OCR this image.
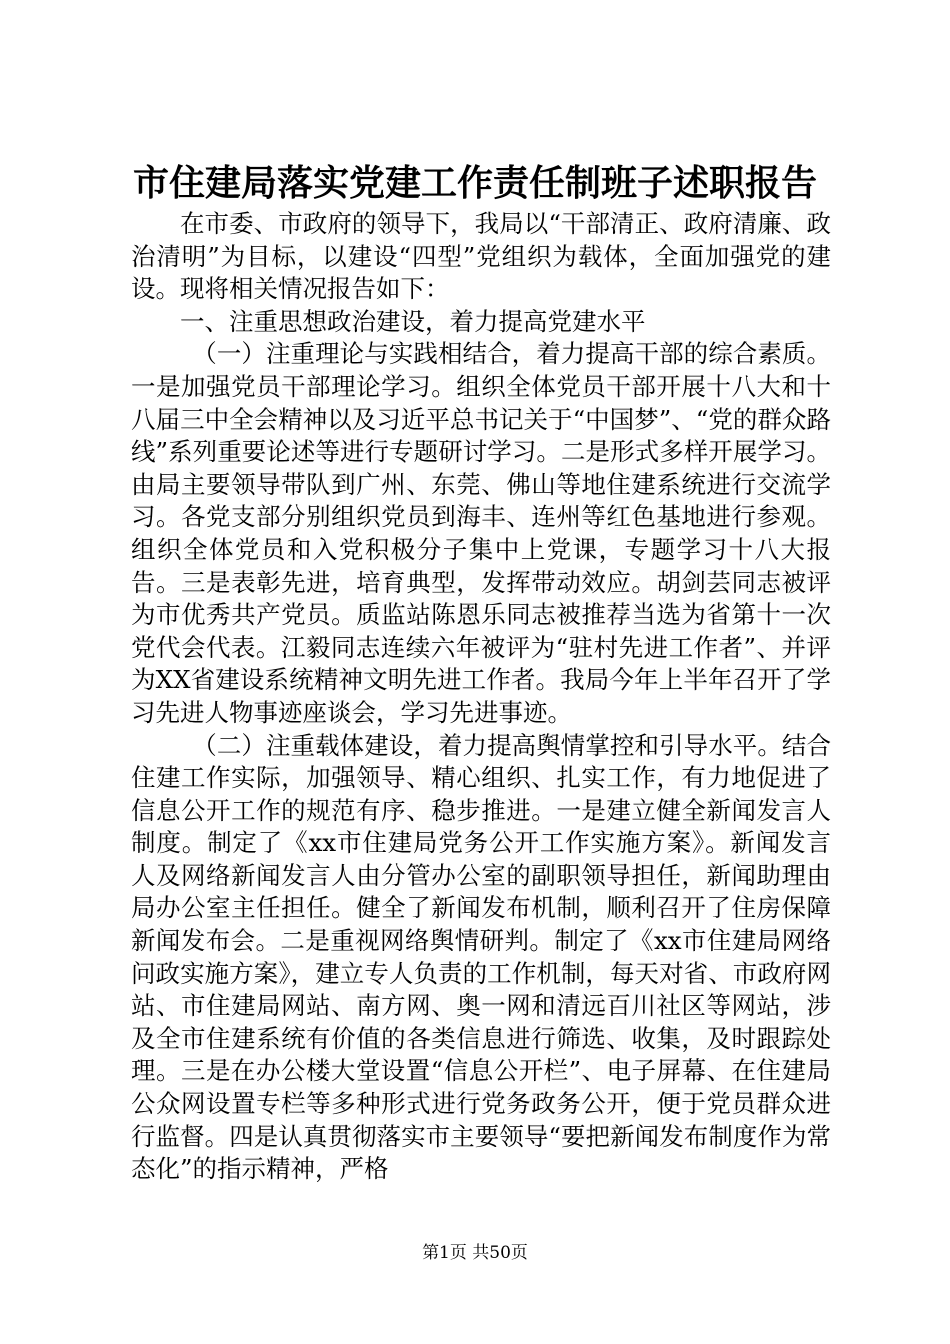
市住建局落实党建工作责任制班子述职报告

在市委、市政府的领导下，我局以“干部清正、政府清廉、政治清明”为目标，以建设“四型”党组织为载体，全面加强党的建设。现将相关情况报告如下：

一、注重思想政治建设，着力提高党建水平

（一）注重理论与实践相结合，着力提高干部的综合素质。一是加强党员干部理论学习。组织全体党员干部开展十八大和十八届三中全会精神以及习近平总书记关于“中国梦”、“党的群众路线”系列重要论述等进行专题研讨学习。二是形式多样开展学习。由局主要领导带队到广州、东莞、佛山等地住建系统进行交流学习。各党支部分别组织党员到海丰、连州等红色基地进行参观。组织全体党员和入党积极分子集中上党课，专题学习十八大报告。三是表彰先进，培育典型，发挥带动效应。胡剑芸同志被评为市优秀共产党员。质监站陈恩乐同志被推荐当选为省第十一次党代会代表。江毅同志连续六年被评为“驻村先进工作者”、并评为XX省建设系统精神文明先进工作者。我局今年上半年召开了学习先进人物事迹座谈会，学习先进事迹。

（二）注重载体建设，着力提高舆情掌控和引导水平。结合住建工作实际，加强领导、精心组织、扎实工作，有力地促进了信息公开工作的规范有序、稳步推进。一是建立健全新闻发言人制度。制定了《xx市住建局党务公开工作实施方案》。新闻发言人及网络新闻发言人由分管办公室的副职领导担任，新闻助理由局办公室主任担任。健全了新闻发布机制，顺利召开了住房保障新闻发布会。二是重视网络舆情研判。制定了《xx市住建局网络问政实施方案》，建立专人负责的工作机制，每天对省、市政府网站、市住建局网站、南方网、奥一网和清远百川社区等网站，涉及全市住建系统有价值的各类信息进行筛选、收集，及时跟踪处理。三是在办公楼大堂设置“信息公开栏”、电子屏幕、在住建局公众网设置专栏等多种形式进行党务政务公开，便于党员群众进行监督。四是认真贯彻落实市主要领导“要把新闻发布制度作为常态化”的指示精神，严格

第1页 共50页
